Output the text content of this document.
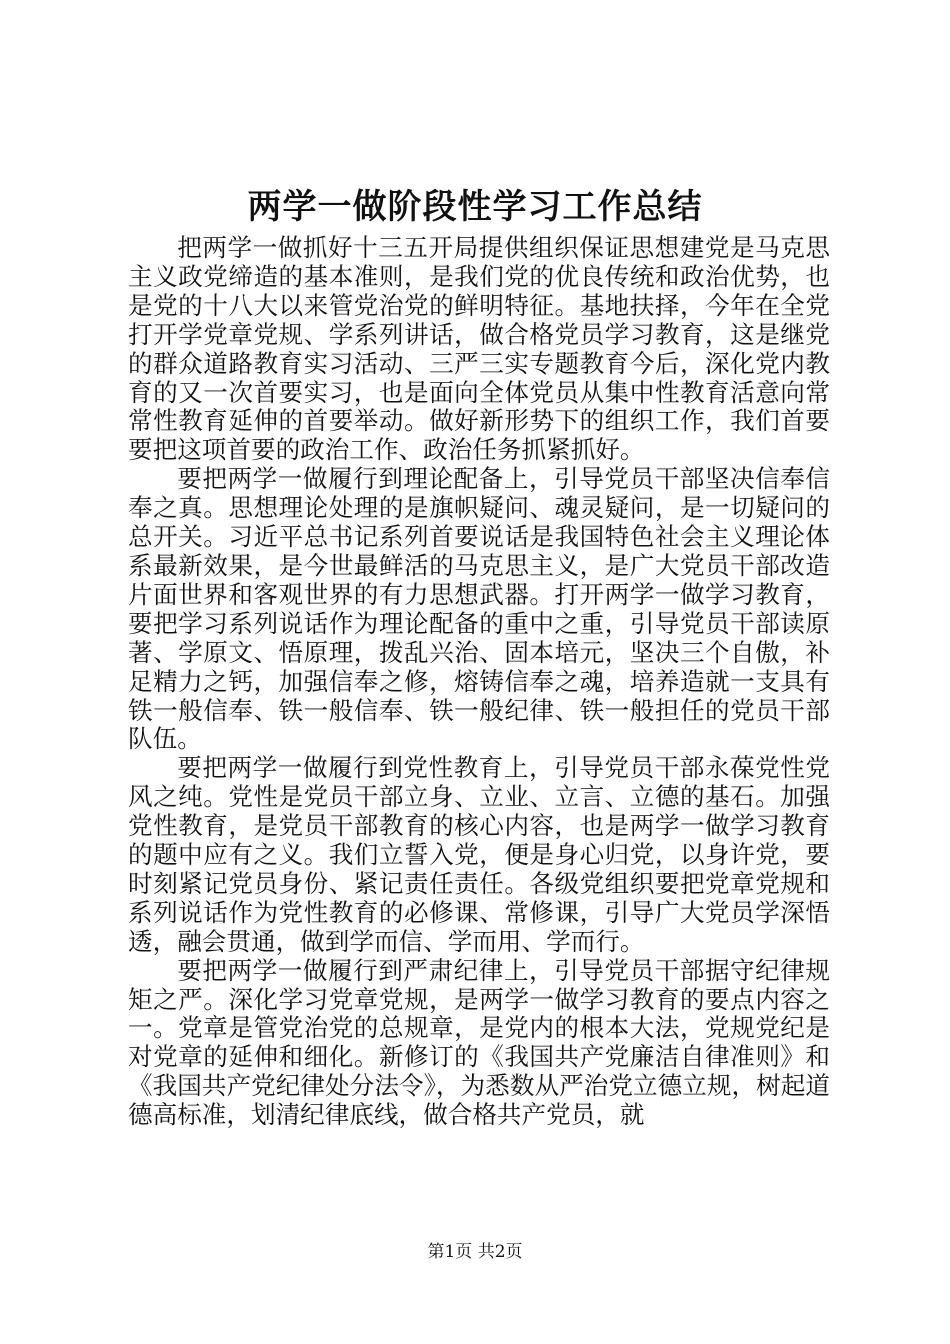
两学一做阶段性学习工作总结

把两学一做抓好十三五开局提供组织保证思想建党是马克思主义政党缔造的基本准则，是我们党的优良传统和政治优势，也是党的十八大以来管党治党的鲜明特征。基地扶择，今年在全党打开学党章党规、学系列讲话，做合格党员学习教育，这是继党的群众道路教育实习活动、三严三实专题教育今后，深化党内教育的又一次首要实习，也是面向全体党员从集中性教育活意向常常性教育延伸的首要举动。做好新形势下的组织工作，我们首要要把这项首要的政治工作、政治任务抓紧抓好。

要把两学一做履行到理论配备上，引导党员干部坚决信奉信奉之真。思想理论处理的是旗帜疑问、魂灵疑问，是一切疑问的总开关。习近平总书记系列首要说话是我国特色社会主义理论体系最新效果，是今世最鲜活的马克思主义，是广大党员干部改造片面世界和客观世界的有力思想武器。打开两学一做学习教育，要把学习系列说话作为理论配备的重中之重，引导党员干部读原著、学原文、悟原理，拨乱兴治、固本培元，坚决三个自傲，补足精力之钙，加强信奉之修，熔铸信奉之魂，培养造就一支具有铁一般信奉、铁一般信奉、铁一般纪律、铁一般担任的党员干部队伍。

要把两学一做履行到党性教育上，引导党员干部永葆党性党风之纯。党性是党员干部立身、立业、立言、立德的基石。加强党性教育，是党员干部教育的核心内容，也是两学一做学习教育的题中应有之义。我们立誓入党，便是身心归党，以身许党，要时刻紧记党员身份、紧记责任责任。各级党组织要把党章党规和系列说话作为党性教育的必修课、常修课，引导广大党员学深悟透，融会贯通，做到学而信、学而用、学而行。

要把两学一做履行到严肃纪律上，引导党员干部据守纪律规矩之严。深化学习党章党规，是两学一做学习教育的要点内容之一。党章是管党治党的总规章，是党内的根本大法，党规党纪是对党章的延伸和细化。新修订的《我国共产党廉洁自律准则》和《我国共产党纪律处分法令》，为悉数从严治党立德立规，树起道德高标准，划清纪律底线，做合格共产党员，就

第1页 共2页
